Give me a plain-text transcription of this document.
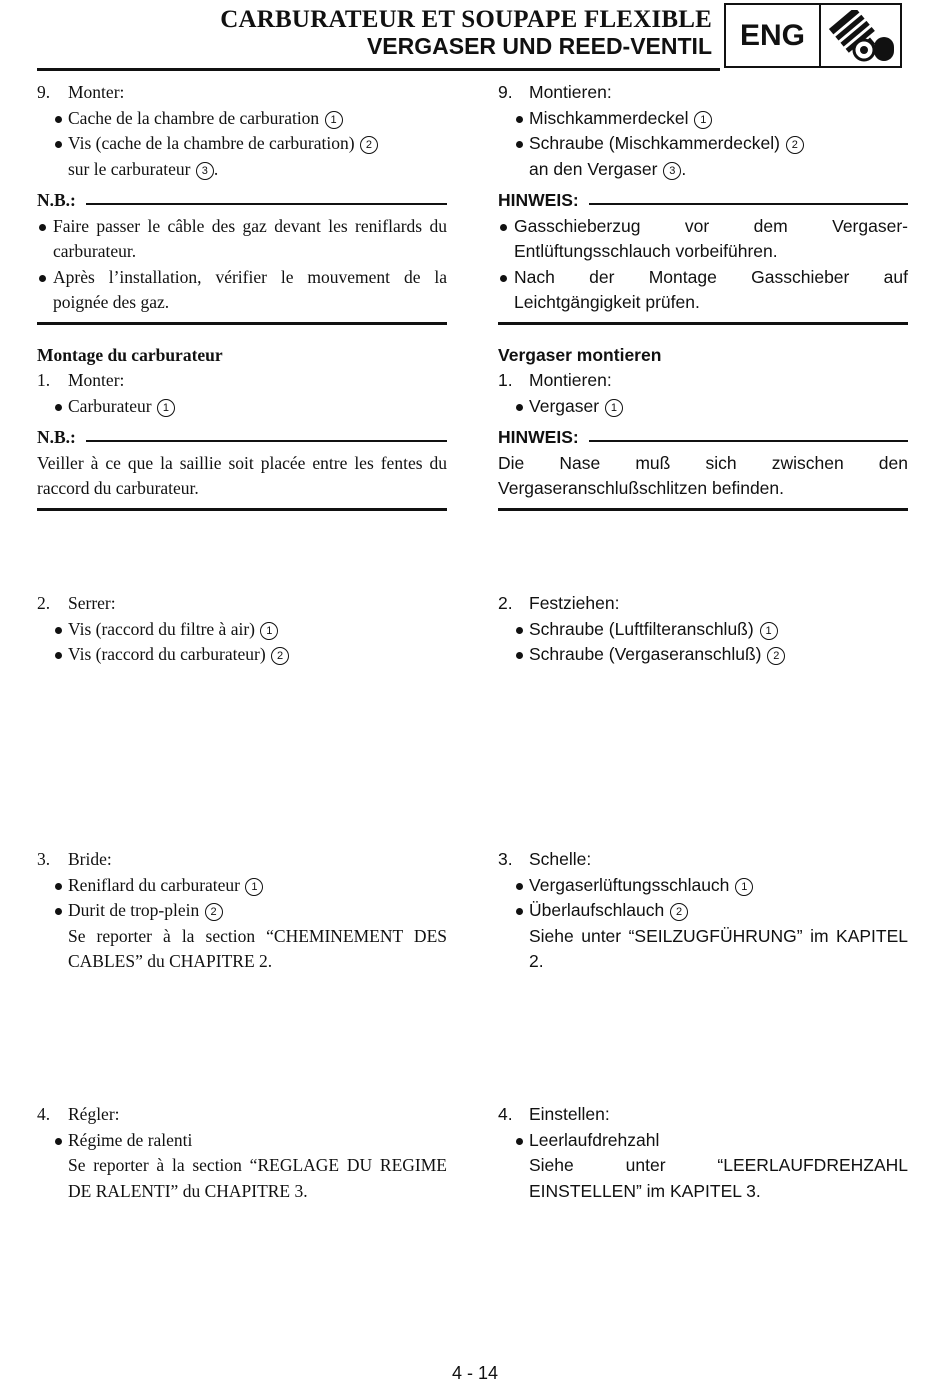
CARBURATEUR ET SOUPAPE FLEXIBLE
VERGASER UND REED-VENTIL ENG
9.	Monter:
Cache de la chambre de carburation 1
Vis (cache de la chambre de carburation) 2
sur le carburateur 3 .
N.B.:
Faire passer le câble des gaz devant les reniflards du carburateur.
Après l’installation, vérifier le mouvement de la poignée des gaz.
Montage du carburateur
1.	Monter:
Carburateur 1
N.B.:
Veiller à ce que la saillie soit placée entre les fentes du raccord du carburateur.
2.	Serrer:
Vis (raccord du filtre à air) 1
Vis (raccord du carburateur) 2
3.	Bride:
Reniflard du carburateur 1
Durit de trop-plein 2
Se reporter à la section “CHEMINEMENT DES CABLES” du CHAPITRE 2.
4.	Régler:
Régime de ralenti
Se reporter à la section “REGLAGE DU REGIME DE RALENTI” du CHAPITRE 3.
9. Montieren:
Mischkammerdeckel 1
Schraube (Mischkammerdeckel) 2
an den Vergaser 3 .
HINWEIS:
Gasschieberzug vor dem Vergaser-Entlüftungsschlauch vorbeiführen.
Nach der Montage Gasschieber auf Leichtgängigkeit prüfen.
Vergaser montieren
1. Montieren:
Vergaser 1
HINWEIS:
Die Nase muß sich zwischen den Vergaseranschlußschlitzen befinden.
2. Festziehen:
Schraube (Luftfilteranschluß) 1
Schraube (Vergaseranschluß) 2
3. Schelle:
Vergaserlüftungsschlauch 1
Überlaufschlauch 2
Siehe unter “SEILZUGFÜHRUNG” im KAPITEL 2.
4. Einstellen:
Leerlaufdrehzahl
Siehe unter “LEERLAUFDREHZAHL EINSTELLEN” im KAPITEL 3.
4 - 14
